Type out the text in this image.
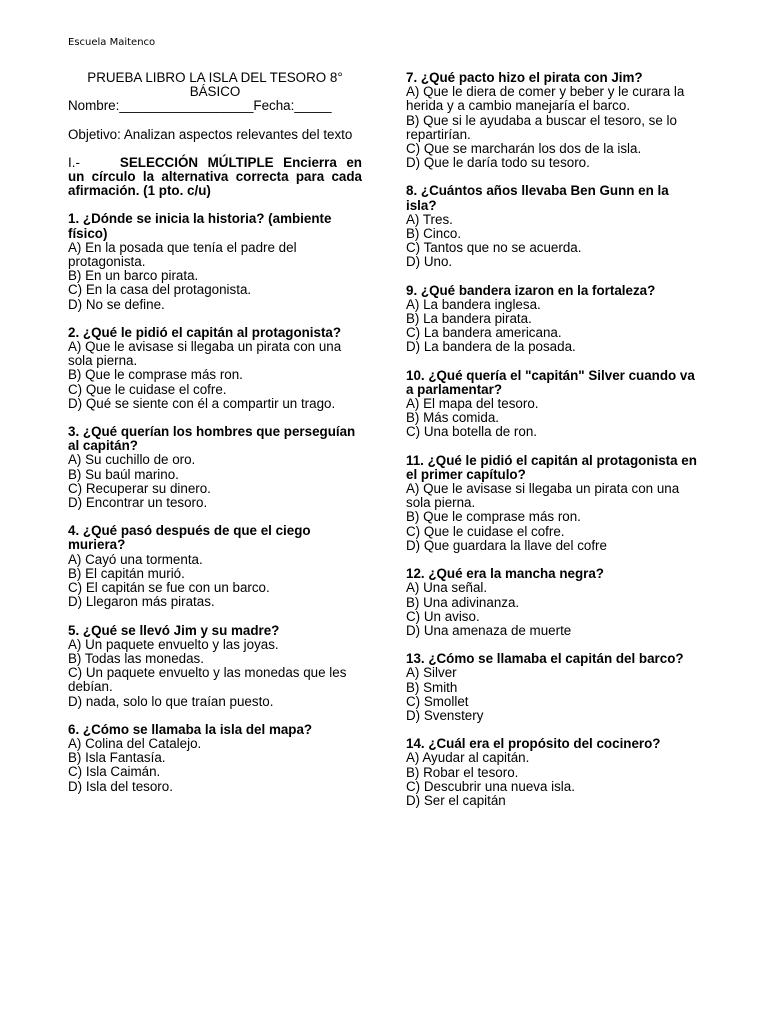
Escuela Maitenco
PRUEBA LIBRO LA ISLA DEL TESORO 8° BÁSICO
Nombre:__________________Fecha:_____
Objetivo: Analizan aspectos relevantes del texto
I.-	SELECCIÓN MÚLTIPLE Encierra en un círculo la alternativa correcta para cada afirmación. (1 pto. c/u)
1. ¿Dónde se inicia la historia? (ambiente físico)
A) En la posada que tenía el padre del protagonista.
B) En un barco pirata.
C) En la casa del protagonista.
D) No se define.
2. ¿Qué le pidió el capitán al protagonista?
A) Que le avisase si llegaba un pirata con una sola pierna.
B) Que le comprase más ron.
C) Que le cuidase el cofre.
D) Qué se siente con él a compartir un trago.
3. ¿Qué querían los hombres que perseguían al capitán?
A) Su cuchillo de oro.
B) Su baúl marino.
C) Recuperar su dinero.
D) Encontrar un tesoro.
4. ¿Qué pasó después de que el ciego muriera?
A) Cayó una tormenta.
B) El capitán murió.
C) El capitán se fue con un barco.
D) Llegaron más piratas.
5. ¿Qué se llevó Jim y su madre?
A) Un paquete envuelto y las joyas.
B) Todas las monedas.
C) Un paquete envuelto y las monedas que les debían.
D) nada, solo lo que traían puesto.
6. ¿Cómo se llamaba la isla del mapa?
A) Colina del Catalejo.
B) Isla Fantasía.
C) Isla Caimán.
D) Isla del tesoro.
7. ¿Qué pacto hizo el pirata con Jim?
A) Que le diera de comer y beber y le curara la herida y a cambio manejaría el barco.
B) Que si le ayudaba a buscar el tesoro, se lo repartirían.
C) Que se marcharán los dos de la isla.
D) Que le daría todo su tesoro.
8. ¿Cuántos años llevaba Ben Gunn en la isla?
A) Tres.
B) Cinco.
C) Tantos que no se acuerda.
D) Uno.
9. ¿Qué bandera izaron en la fortaleza?
A) La bandera inglesa.
B) La bandera pirata.
C) La bandera americana.
D) La bandera de la posada.
10. ¿Qué quería el "capitán" Silver cuando va a parlamentar?
A) El mapa del tesoro.
B) Más comida.
C) Una botella de ron.
11. ¿Qué le pidió el capitán al protagonista en el primer capítulo?
A) Que le avisase si llegaba un pirata con una sola pierna.
B) Que le comprase más ron.
C) Que le cuidase el cofre.
D) Que guardara la llave del cofre
12. ¿Qué era la mancha negra?
A) Una señal.
B) Una adivinanza.
C) Un aviso.
D) Una amenaza de muerte
13. ¿Cómo se llamaba el capitán del barco?
A) Silver
B) Smith
C) Smollet
D) Svenstery
14. ¿Cuál era el propósito del cocinero?
A) Ayudar al capitán.
B) Robar el tesoro.
C) Descubrir una nueva isla.
D) Ser el capitán
